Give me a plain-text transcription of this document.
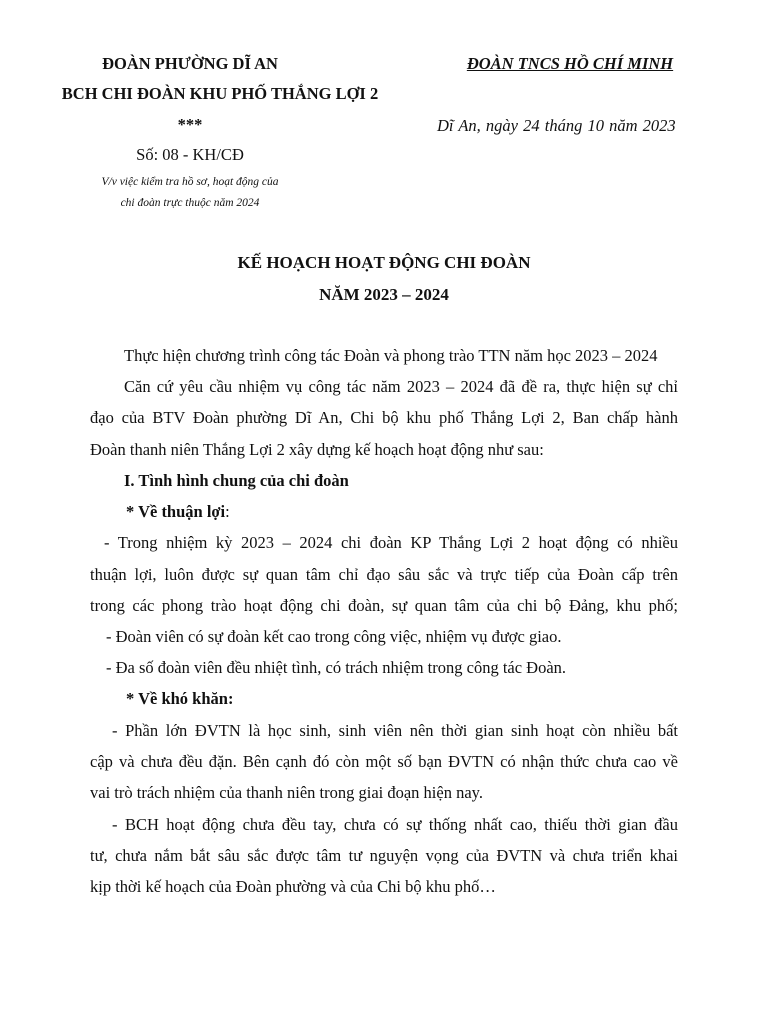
ĐOÀN PHƯỜNG DĨ AN
BCH CHI ĐOÀN KHU PHỐ THẮNG LỢI 2
***
Số: 08 - KH/CĐ
V/v việc kiểm tra hồ sơ, hoạt động của
chi đoàn trực thuộc năm 2024
ĐOÀN TNCS HỒ CHÍ MINH
Dĩ An, ngày 24 tháng 10 năm 2023
KẾ HOẠCH HOẠT ĐỘNG CHI ĐOÀN
NĂM 2023 – 2024
Thực hiện chương trình công tác Đoàn và phong trào TTN năm học 2023 – 2024
Căn cứ yêu cầu nhiệm vụ công tác năm 2023 – 2024 đã đề ra, thực hiện sự chỉ
đạo của BTV Đoàn phường Dĩ An, Chi bộ khu phố Thắng Lợi 2, Ban chấp hành
Đoàn thanh niên Thắng Lợi 2 xây dựng kế hoạch hoạt động như sau:
I. Tình hình chung của chi đoàn
* Về thuận lợi:
- Trong nhiệm kỳ 2023 – 2024 chi đoàn KP Thắng Lợi 2 hoạt động có nhiều
thuận lợi, luôn được sự quan tâm chỉ đạo sâu sắc và trực tiếp của Đoàn cấp trên
trong các phong trào hoạt động chi đoàn, sự quan tâm của chi bộ Đảng, khu phố;
- Đoàn viên có sự đoàn kết cao trong công việc, nhiệm vụ được giao.
- Đa số đoàn viên đều nhiệt tình, có trách nhiệm trong công tác Đoàn.
* Về khó khăn:
- Phần lớn ĐVTN là học sinh, sinh viên nên thời gian sinh hoạt còn nhiều bất
cập và chưa đều đặn. Bên cạnh đó còn một số bạn ĐVTN có nhận thức chưa cao về
vai trò trách nhiệm của thanh niên trong giai đoạn hiện nay.
- BCH hoạt động chưa đều tay, chưa có sự thống nhất cao, thiếu thời gian đầu
tư, chưa nắm bắt sâu sắc được tâm tư nguyện vọng của ĐVTN và chưa triển khai
kịp thời kế hoạch của Đoàn phường và của Chi bộ khu phố…
